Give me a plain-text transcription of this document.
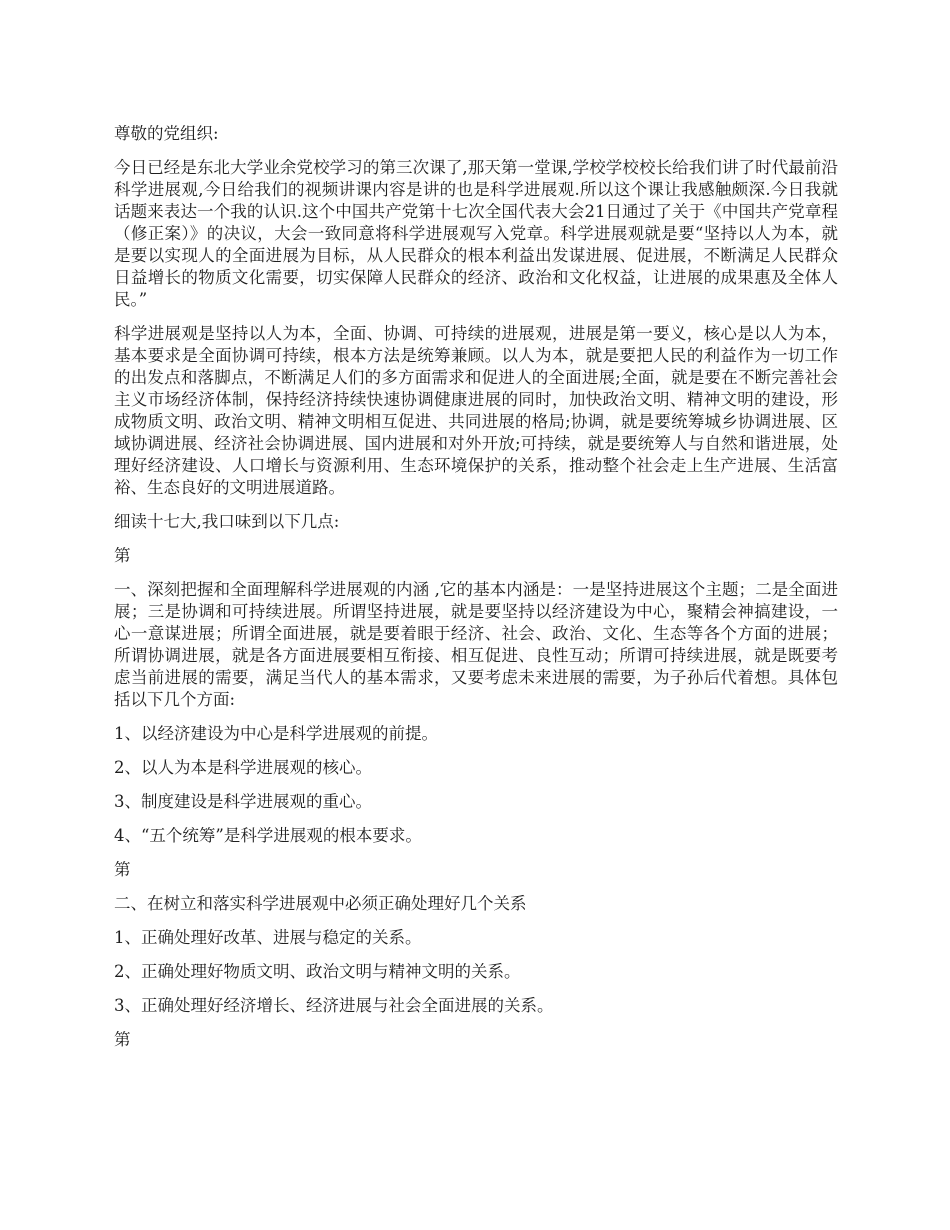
尊敬的党组织:

今日已经是东北大学业余党校学习的第三次课了,那天第一堂课,学校学校校长给我们讲了时代最前沿科学进展观,今日给我们的视频讲课内容是讲的也是科学进展观.所以这个课让我感触颇深.今日我就话题来表达一个我的认识.这个中国共产党第十七次全国代表大会21日通过了关于《中国共产党章程（修正案）》的决议，大会一致同意将科学进展观写入党章。科学进展观就是要“坚持以人为本，就是要以实现人的全面进展为目标，从人民群众的根本利益出发谋进展、促进展，不断满足人民群众日益增长的物质文化需要，切实保障人民群众的经济、政治和文化权益，让进展的成果惠及全体人民。”

科学进展观是坚持以人为本，全面、协调、可持续的进展观，进展是第一要义，核心是以人为本，基本要求是全面协调可持续，根本方法是统筹兼顾。以人为本，就是要把人民的利益作为一切工作的出发点和落脚点，不断满足人们的多方面需求和促进人的全面进展;全面，就是要在不断完善社会主义市场经济体制，保持经济持续快速协调健康进展的同时，加快政治文明、精神文明的建设，形成物质文明、政治文明、精神文明相互促进、共同进展的格局;协调，就是要统筹城乡协调进展、区域协调进展、经济社会协调进展、国内进展和对外开放;可持续，就是要统筹人与自然和谐进展，处理好经济建设、人口增长与资源利用、生态环境保护的关系，推动整个社会走上生产进展、生活富裕、生态良好的文明进展道路。

细读十七大,我口味到以下几点:

第

一、深刻把握和全面理解科学进展观的内涵 ,它的基本内涵是：一是坚持进展这个主题；二是全面进展；三是协调和可持续进展。所谓坚持进展，就是要坚持以经济建设为中心，聚精会神搞建设，一心一意谋进展；所谓全面进展，就是要着眼于经济、社会、政治、文化、生态等各个方面的进展；所谓协调进展，就是各方面进展要相互衔接、相互促进、良性互动；所谓可持续进展，就是既要考虑当前进展的需要，满足当代人的基本需求，又要考虑未来进展的需要，为子孙后代着想。具体包括以下几个方面:

1、以经济建设为中心是科学进展观的前提。

2、以人为本是科学进展观的核心。

3、制度建设是科学进展观的重心。

4、“五个统筹”是科学进展观的根本要求。

第

二、在树立和落实科学进展观中必须正确处理好几个关系

1、正确处理好改革、进展与稳定的关系。

2、正确处理好物质文明、政治文明与精神文明的关系。

3、正确处理好经济增长、经济进展与社会全面进展的关系。

第
